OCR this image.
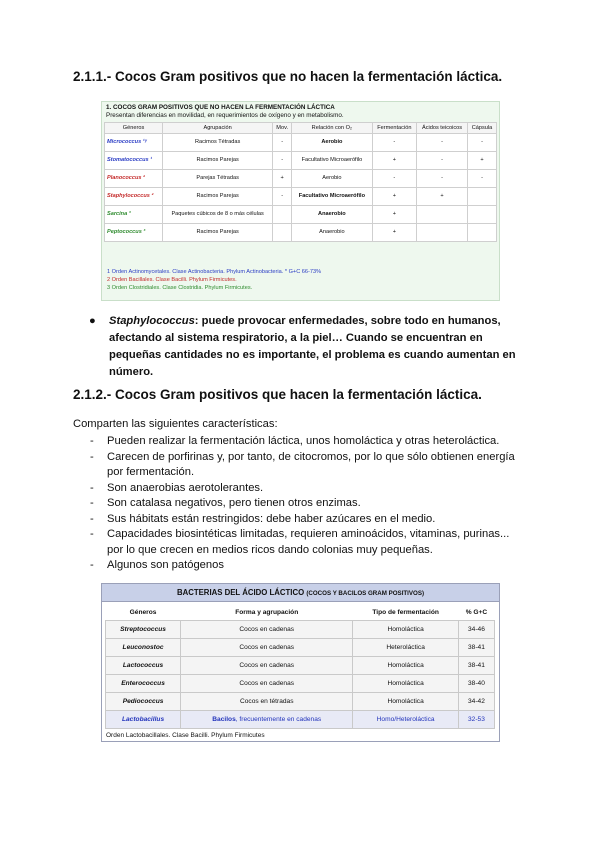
2.1.1.- Cocos Gram positivos que no hacen la fermentación láctica.
1. COCOS GRAM POSITIVOS QUE NO HACEN LA FERMENTACIÓN LÁCTICA
Presentan diferencias en movilidad, en requerimientos de oxígeno y en metabolismo.
Géneros	Agrupación	Mov.	Relación con O₂	Fermentación	Ácidos teicoicos	Cápsula
Micrococcus ¹ʸ	Racimos Tétradas	-	Aerobio	-	-	-
Stomatococcus ¹	Racimos Parejas	-	Facultativo Microaerófilo	+	-	+
Planococcus ²	Parejas Tétradas	+	Aerobio	-	-	-
Staphylococcus ²	Racimos Parejas	-	Facultativo Microaerófilo	+	+	
Sarcina ³	Paquetes cúbicos de 8 o más células		Anaerobio	+		
Peptococcus ³	Racimos Parejas		Anaerobio	+		
1 Orden Actinomycetales. Clase Actinobacteria. Phylum Actinobacteria. * G+C 66-73%
2 Orden Bacillales. Clase Bacilli. Phylum Firmicutes.
3 Orden Clostridiales. Clase Clostridia. Phylum Firmicutes.
● Staphylococcus: puede provocar enfermedades, sobre todo en humanos, afectando al sistema respiratorio, a la piel… Cuando se encuentran en pequeñas cantidades no es importante, el problema es cuando aumentan en número.
2.1.2.- Cocos Gram positivos que hacen la fermentación láctica.
Comparten las siguientes características:
- Pueden realizar la fermentación láctica, unos homoláctica y otras heteroláctica.
- Carecen de porfirinas y, por tanto, de citocromos, por lo que sólo obtienen energía por fermentación.
- Son anaerobias aerotolerantes.
- Son catalasa negativos, pero tienen otros enzimas.
- Sus hábitats están restringidos: debe haber azúcares en el medio.
- Capacidades biosintéticas limitadas, requieren aminoácidos, vitaminas, purinas... por lo que crecen en medios ricos dando colonias muy pequeñas.
- Algunos son patógenos
BACTERIAS DEL ÁCIDO LÁCTICO (COCOS Y BACILOS GRAM POSITIVOS)
Géneros	Forma y agrupación	Tipo de fermentación	% G+C
Streptococcus	Cocos en cadenas	Homoláctica	34-46
Leuconostoc	Cocos en cadenas	Heteroláctica	38-41
Lactococcus	Cocos en cadenas	Homoláctica	38-41
Enterococcus	Cocos en cadenas	Homoláctica	38-40
Pediococcus	Cocos en tétradas	Homoláctica	34-42
Lactobacillus	Bacilos, frecuentemente en cadenas	Homo/Heteroláctica	32-53
Orden Lactobacillales. Clase Bacilli. Phylum Firmicutes
